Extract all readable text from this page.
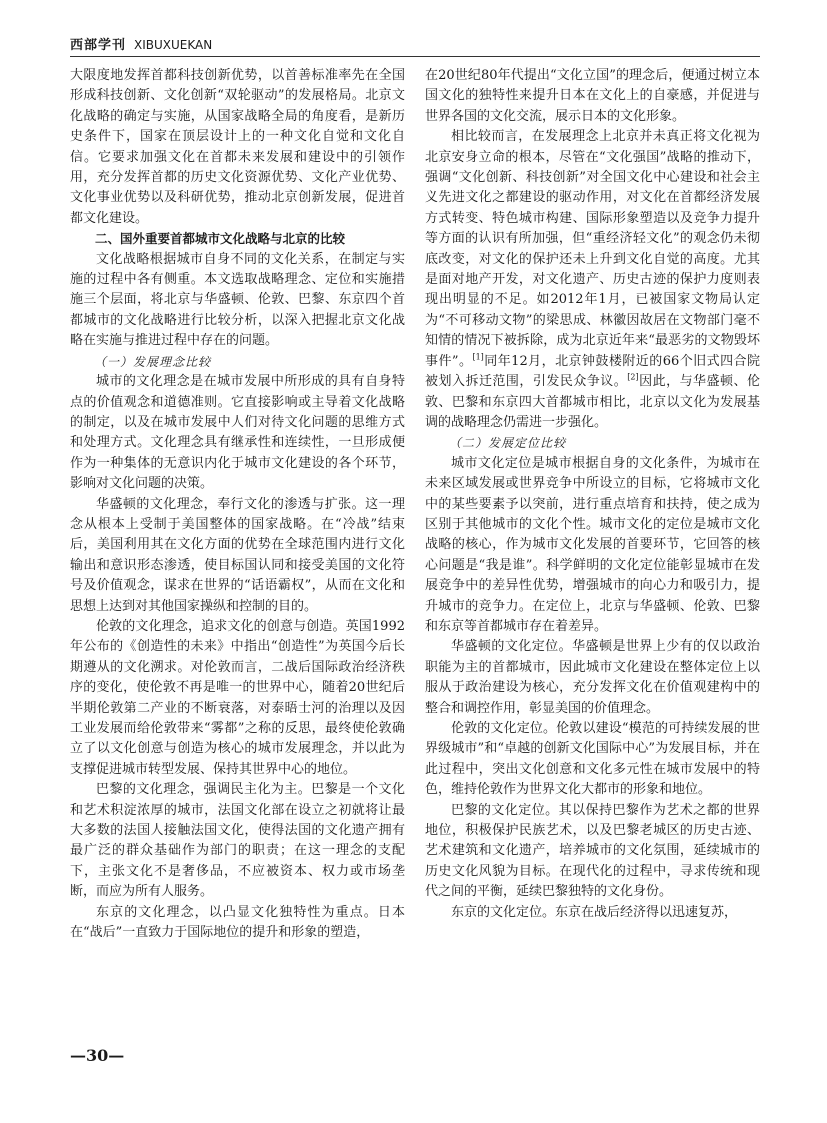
西部学刊 XIBUXUEKAN

大限度地发挥首都科技创新优势，以首善标准率先在全国形成科技创新、文化创新“双轮驱动”的发展格局。北京文化战略的确定与实施，从国家战略全局的角度看，是新历史条件下，国家在顶层设计上的一种文化自觉和文化自信。它要求加强文化在首都未来发展和建设中的引领作用，充分发挥首都的历史文化资源优势、文化产业优势、文化事业优势以及科研优势，推动北京创新发展，促进首都文化建设。

二、国外重要首都城市文化战略与北京的比较

文化战略根据城市自身不同的文化关系，在制定与实施的过程中各有侧重。本文选取战略理念、定位和实施措施三个层面，将北京与华盛顿、伦敦、巴黎、东京四个首都城市的文化战略进行比较分析，以深入把握北京文化战略在实施与推进过程中存在的问题。

（一）发展理念比较

城市的文化理念是在城市发展中所形成的具有自身特点的价值观念和道德准则。它直接影响或主导着文化战略的制定，以及在城市发展中人们对待文化问题的思维方式和处理方式。文化理念具有继承性和连续性，一旦形成便作为一种集体的无意识内化于城市文化建设的各个环节，影响对文化问题的决策。

华盛顿的文化理念，奉行文化的渗透与扩张。这一理念从根本上受制于美国整体的国家战略。在“冷战”结束后，美国利用其在文化方面的优势在全球范围内进行文化输出和意识形态渗透，使目标国认同和接受美国的文化符号及价值观念，谋求在世界的“话语霸权”，从而在文化和思想上达到对其他国家操纵和控制的目的。

伦敦的文化理念，追求文化的创意与创造。英国1992年公布的《创造性的未来》中指出“创造性”为英国今后长期遵从的文化溯求。对伦敦而言，二战后国际政治经济秩序的变化，使伦敦不再是唯一的世界中心，随着20世纪后半期伦敦第二产业的不断衰落，对泰晤士河的治理以及因工业发展而给伦敦带来“雾都”之称的反思，最终使伦敦确立了以文化创意与创造为核心的城市发展理念，并以此为支撑促进城市转型发展、保持其世界中心的地位。

巴黎的文化理念，强调民主化为主。巴黎是一个文化和艺术积淀浓厚的城市，法国文化部在设立之初就将让最大多数的法国人接触法国文化，使得法国的文化遗产拥有最广泛的群众基础作为部门的职责；在这一理念的支配下，主张文化不是奢侈品，不应被资本、权力或市场垄断，而应为所有人服务。

东京的文化理念，以凸显文化独特性为重点。日本在“战后”一直致力于国际地位的提升和形象的塑造，

在20世纪80年代提出“文化立国”的理念后，便通过树立本国文化的独特性来提升日本在文化上的自豪感，并促进与世界各国的文化交流，展示日本的文化形象。

相比较而言，在发展理念上北京并未真正将文化视为北京安身立命的根本，尽管在“文化强国”战略的推动下，强调“文化创新、科技创新”对全国文化中心建设和社会主义先进文化之都建设的驱动作用，对文化在首都经济发展方式转变、特色城市构建、国际形象塑造以及竞争力提升等方面的认识有所加强，但“重经济轻文化”的观念仍未彻底改变，对文化的保护还未上升到文化自觉的高度。尤其是面对地产开发，对文化遗产、历史古迹的保护力度则表现出明显的不足。如2012年1月，已被国家文物局认定为“不可移动文物”的梁思成、林徽因故居在文物部门毫不知情的情况下被拆除，成为北京近年来“最恶劣的文物毁坏事件”。[1]同年12月，北京钟鼓楼附近的66个旧式四合院被划入拆迁范围，引发民众争议。[2]因此，与华盛顿、伦敦、巴黎和东京四大首都城市相比，北京以文化为发展基调的战略理念仍需进一步强化。

（二）发展定位比较

城市文化定位是城市根据自身的文化条件，为城市在未来区域发展或世界竞争中所设立的目标，它将城市文化中的某些要素予以突前，进行重点培育和扶持，使之成为区别于其他城市的文化个性。城市文化的定位是城市文化战略的核心，作为城市文化发展的首要环节，它回答的核心问题是“我是谁”。科学鲜明的文化定位能彰显城市在发展竞争中的差异性优势，增强城市的向心力和吸引力，提升城市的竞争力。在定位上，北京与华盛顿、伦敦、巴黎和东京等首都城市存在着差异。

华盛顿的文化定位。华盛顿是世界上少有的仅以政治职能为主的首都城市，因此城市文化建设在整体定位上以服从于政治建设为核心，充分发挥文化在价值观建构中的整合和调控作用，彰显美国的价值理念。

伦敦的文化定位。伦敦以建设“模范的可持续发展的世界级城市”和“卓越的创新文化国际中心”为发展目标，并在此过程中，突出文化创意和文化多元性在城市发展中的特色，维持伦敦作为世界文化大都市的形象和地位。

巴黎的文化定位。其以保持巴黎作为艺术之都的世界地位，积极保护民族艺术，以及巴黎老城区的历史古迹、艺术建筑和文化遗产，培养城市的文化氛围，延续城市的历史文化风貌为目标。在现代化的过程中，寻求传统和现代之间的平衡，延续巴黎独特的文化身份。

东京的文化定位。东京在战后经济得以迅速复苏，

—30—
